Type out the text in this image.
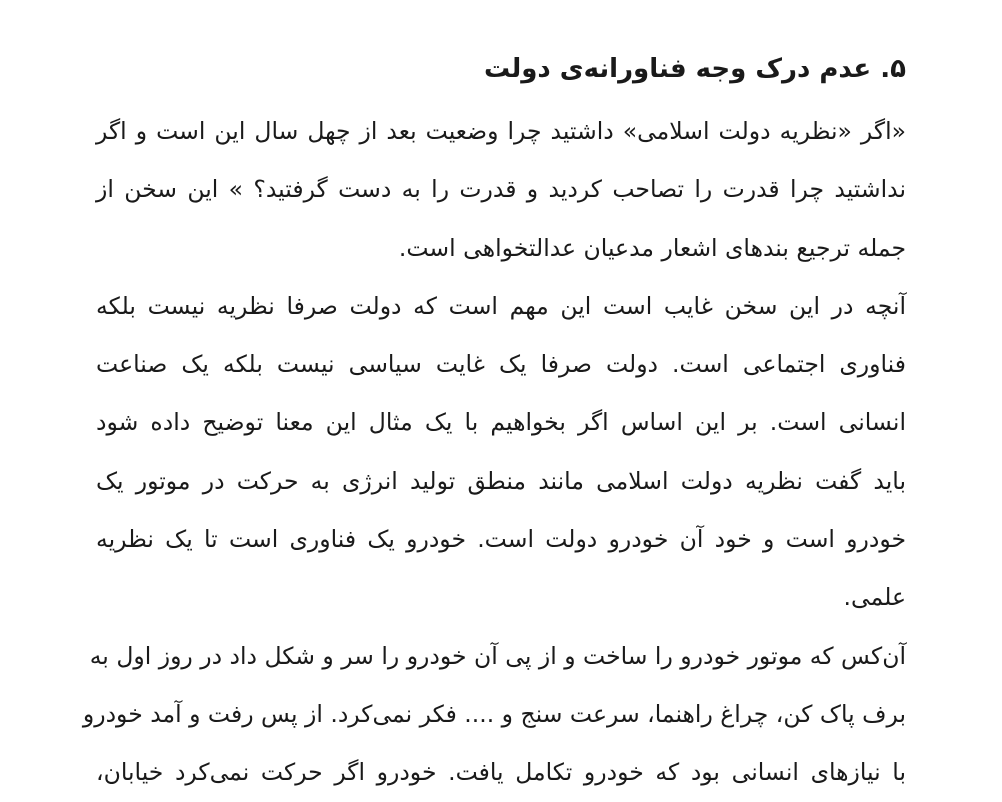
۵. عدم درک وجه فناورانه‌ی دولت
«اگر «نظریه دولت اسلامی» داشتید چرا وضعیت بعد از چهل سال این است و اگر
نداشتید چرا قدرت را تصاحب کردید و قدرت را به دست گرفتید؟ » این سخن از
جمله ترجیع بندهای اشعار مدعیان عدالتخواهی است.
آنچه در این سخن غایب است این مهم است که دولت صرفا نظریه نیست بلکه
فناوری اجتماعی است. دولت صرفا یک غایت سیاسی نیست بلکه یک صناعت
انسانی است. بر این اساس اگر بخواهیم با یک مثال این معنا توضیح داده شود
باید گفت نظریه دولت اسلامی مانند منطق تولید انرژی به حرکت در موتور یک
خودرو است و خود آن خودرو دولت است. خودرو یک فناوری است تا یک نظریه
علمی.
آن‌کس که موتور خودرو را ساخت و از پی آن خودرو را سر و شکل داد در روز اول به
برف پاک کن، چراغ راهنما، سرعت سنج و .... فکر نمی‌کرد. از پس رفت و آمد خودرو
با نیازهای انسانی بود که خودرو تکامل یافت. خودرو اگر حرکت نمی‌کرد خیابان،
